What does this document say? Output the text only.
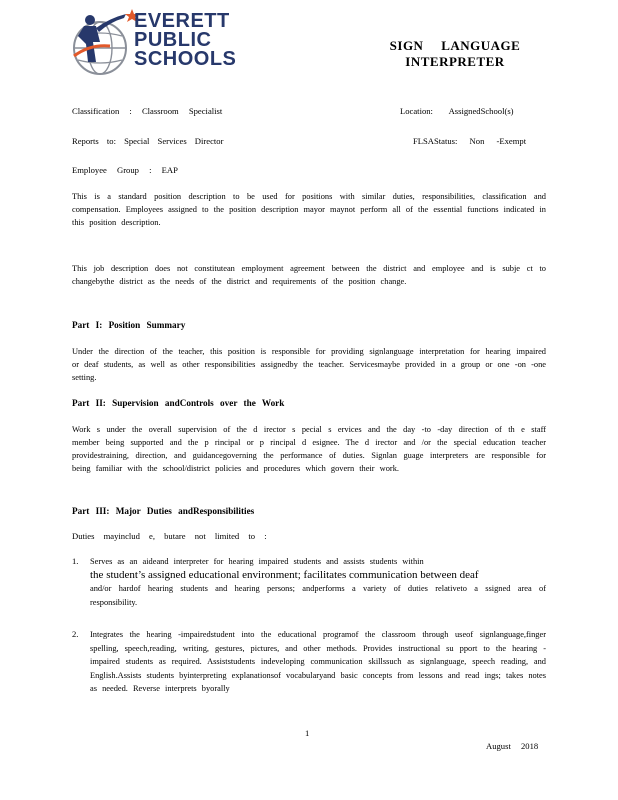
EVERETT
PUBLIC
SCHOOLS
SIGN LANGUAGE
INTERPRETER
Classification : Classroom Specialist	Location: AssignedSchool(s)
Reports to: Special Services Director	FLSAStatus: Non -Exempt
Employee Group : EAP
This is a standard position description to be used for positions with similar duties, responsibilities, classification and compensation. Employees assigned to the position description mayor maynot perform all of the essential functions indicated in this position description.
This job description does not constitutean employment agreement between the district and employee and is subje ct to changebythe district as the needs of the district and requirements of the position change.
Part I: Position Summary
Under the direction of the teacher, this position is responsible for providing signlanguage interpretation for hearing impaired or deaf students, as well as other responsibilities assignedby the teacher. Servicesmaybe provided in a group or one -on -one setting.
Part II: Supervision andControls over the Work
Work s under the overall supervision of the d irector s pecial s ervices and the day -to -day direction of th e staff member being supported and the p rincipal or p rincipal d esignee. The d irector and /or the special education teacher providestraining, direction, and guidancegoverning the performance of duties. Signlan guage interpreters are responsible for being familiar with the school/district policies and procedures which govern their work.
Part III: Major Duties andResponsibilities
Duties mayinclud e, butare not limited to :
1. Serves as an aideand interpreter for hearing impaired students and assists students within
the student’s assigned educational environment; facilitates communication between deaf
and/or hardof hearing students and hearing persons; andperforms a variety of duties relativeto a ssigned area of responsibility.
2. Integrates the hearing -impairedstudent into the educational programof the classroom through useof signlanguage,finger spelling, speech,reading, writing, gestures, pictures, and other methods. Provides instructional su pport to the hearing -impaired students as required. Assiststudents indeveloping communication skillssuch as signlanguage, speech reading, and English.Assists students byinterpreting explanationsof vocabularyand basic concepts from lessons and read ings; takes notes as needed. Reverse interprets byorally
1
August 2018
